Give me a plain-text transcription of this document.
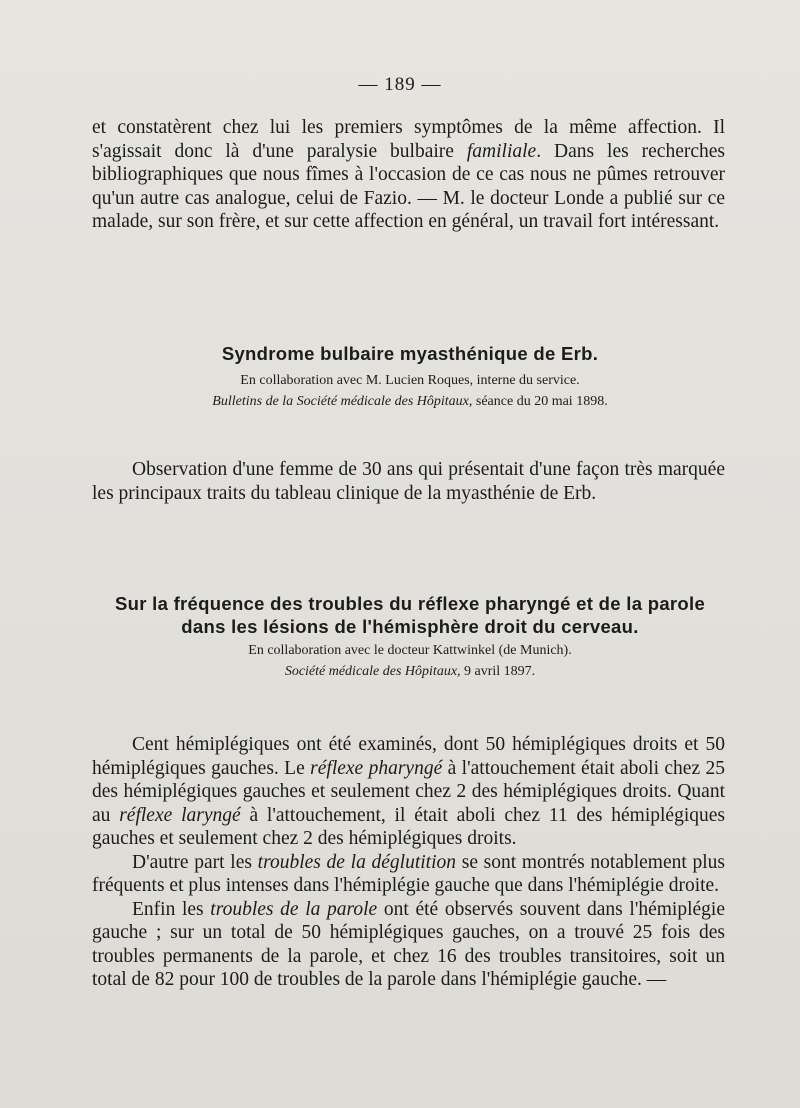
— 189 —

et constatèrent chez lui les premiers symptômes de la même affection. Il s'agissait donc là d'une paralysie bulbaire familiale. Dans les recherches bibliographiques que nous fîmes à l'occasion de ce cas nous ne pûmes retrouver qu'un autre cas analogue, celui de Fazio. — M. le docteur Londe a publié sur ce malade, sur son frère, et sur cette affection en général, un travail fort intéressant.

Syndrome bulbaire myasthénique de Erb.
En collaboration avec M. Lucien Roques, interne du service.
Bulletins de la Société médicale des Hôpitaux, séance du 20 mai 1898.

Observation d'une femme de 30 ans qui présentait d'une façon très marquée les principaux traits du tableau clinique de la myasthénie de Erb.

Sur la fréquence des troubles du réflexe pharyngé et de la parole
dans les lésions de l'hémisphère droit du cerveau.
En collaboration avec le docteur Kattwinkel (de Munich).
Société médicale des Hôpitaux, 9 avril 1897.

Cent hémiplégiques ont été examinés, dont 50 hémiplégiques droits et 50 hémiplégiques gauches. Le réflexe pharyngé à l'attouchement était aboli chez 25 des hémiplégiques gauches et seulement chez 2 des hémiplégiques droits. Quant au réflexe laryngé à l'attouchement, il était aboli chez 11 des hémiplégiques gauches et seulement chez 2 des hémiplégiques droits.

D'autre part les troubles de la déglutition se sont montrés notablement plus fréquents et plus intenses dans l'hémiplégie gauche que dans l'hémiplégie droite.

Enfin les troubles de la parole ont été observés souvent dans l'hémiplégie gauche ; sur un total de 50 hémiplégiques gauches, on a trouvé 25 fois des troubles permanents de la parole, et chez 16 des troubles transitoires, soit un total de 82 pour 100 de troubles de la parole dans l'hémiplégie gauche. —
